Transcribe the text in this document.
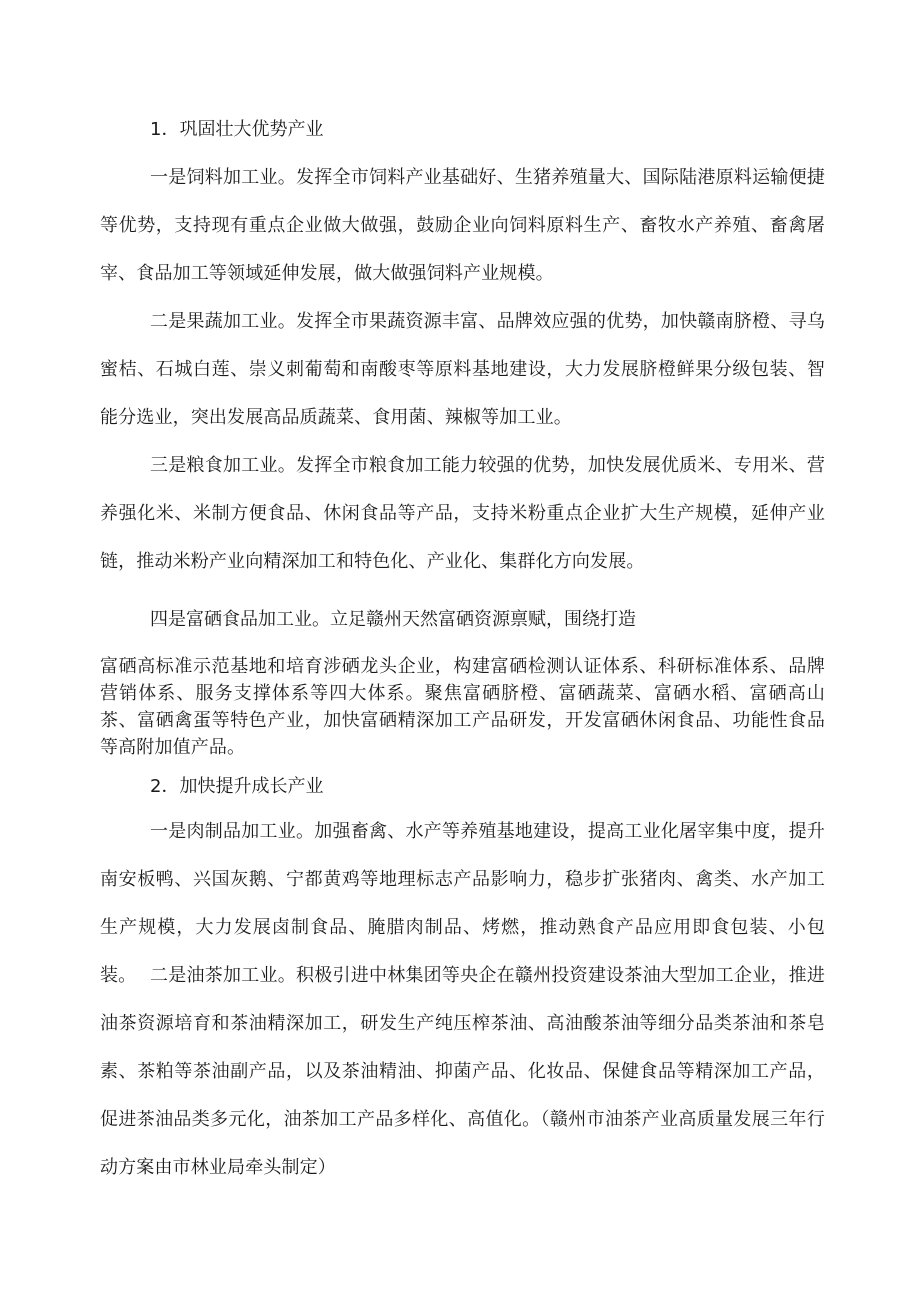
1．巩固壮大优势产业

一是饲料加工业。发挥全市饲料产业基础好、生猪养殖量大、国际陆港原料运输便捷等优势，支持现有重点企业做大做强，鼓励企业向饲料原料生产、畜牧水产养殖、畜禽屠宰、食品加工等领域延伸发展，做大做强饲料产业规模。

二是果蔬加工业。发挥全市果蔬资源丰富、品牌效应强的优势，加快赣南脐橙、寻乌蜜桔、石城白莲、崇义刺葡萄和南酸枣等原料基地建设，大力发展脐橙鲜果分级包装、智能分选业，突出发展高品质蔬菜、食用菌、辣椒等加工业。

三是粮食加工业。发挥全市粮食加工能力较强的优势，加快发展优质米、专用米、营养强化米、米制方便食品、休闲食品等产品，支持米粉重点企业扩大生产规模，延伸产业链，推动米粉产业向精深加工和特色化、产业化、集群化方向发展。

四是富硒食品加工业。立足赣州天然富硒资源禀赋，围绕打造

富硒高标准示范基地和培育涉硒龙头企业，构建富硒检测认证体系、科研标准体系、品牌营销体系、服务支撑体系等四大体系。聚焦富硒脐橙、富硒蔬菜、富硒水稻、富硒高山茶、富硒禽蛋等特色产业，加快富硒精深加工产品研发，开发富硒休闲食品、功能性食品等高附加值产品。

2．加快提升成长产业

一是肉制品加工业。加强畜禽、水产等养殖基地建设，提高工业化屠宰集中度，提升南安板鸭、兴国灰鹅、宁都黄鸡等地理标志产品影响力，稳步扩张猪肉、禽类、水产加工生产规模，大力发展卤制食品、腌腊肉制品、烤燃，推动熟食产品应用即食包装、小包装。 二是油茶加工业。积极引进中林集团等央企在赣州投资建设茶油大型加工企业，推进油茶资源培育和茶油精深加工，研发生产纯压榨茶油、高油酸茶油等细分品类茶油和茶皂素、茶粕等茶油副产品，以及茶油精油、抑菌产品、化妆品、保健食品等精深加工产品，促进茶油品类多元化，油茶加工产品多样化、高值化。（赣州市油茶产业高质量发展三年行动方案由市林业局牵头制定）
